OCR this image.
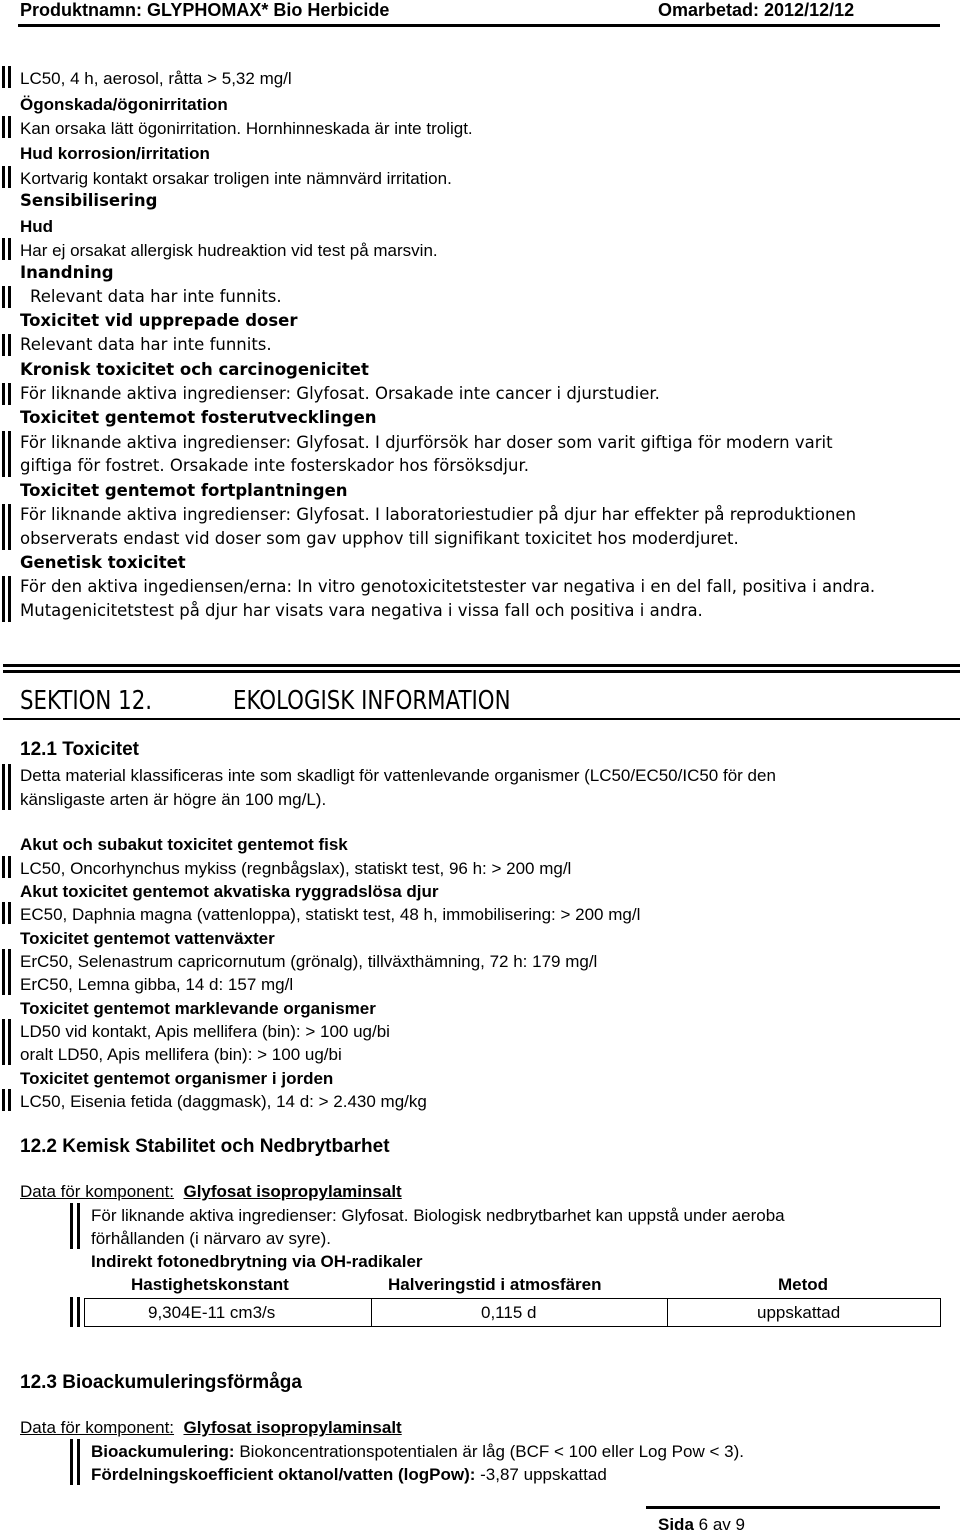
Produktnamn: GLYPHOMAX* Bio Herbicide	Omarbetad: 2012/12/12
LC50, 4 h, aerosol, råtta > 5,32 mg/l
Ögonskada/ögonirritation
Kan orsaka lätt ögonirritation. Hornhinneskada är inte troligt.
Hud korrosion/irritation
Kortvarig kontakt orsakar troligen inte nämnvärd irritation.
Sensibilisering
Hud
Har ej orsakat allergisk hudreaktion vid test på marsvin.
Inandning
Relevant data har inte funnits.
Toxicitet vid upprepade doser
Relevant data har inte funnits.
Kronisk toxicitet och carcinogenicitet
För liknande aktiva ingredienser: Glyfosat. Orsakade inte cancer i djurstudier.
Toxicitet gentemot fosterutvecklingen
För liknande aktiva ingredienser: Glyfosat. I djurförsök har doser som varit giftiga för modern varit
giftiga för fostret. Orsakade inte fosterskador hos försöksdjur.
Toxicitet gentemot fortplantningen
För liknande aktiva ingredienser: Glyfosat. I laboratoriestudier på djur har effekter på reproduktionen
observerats endast vid doser som gav upphov till signifikant toxicitet hos moderdjuret.
Genetisk toxicitet
För den aktiva ingediensen/erna: In vitro genotoxicitetstester var negativa i en del fall, positiva i andra.
Mutagenicitetstest på djur har visats vara negativa i vissa fall och positiva i andra.
SEKTION 12.	EKOLOGISK INFORMATION
12.1 Toxicitet
Detta material klassificeras inte som skadligt för vattenlevande organismer (LC50/EC50/IC50 för den
känsligaste arten är högre än 100 mg/L).
Akut och subakut toxicitet gentemot fisk
LC50, Oncorhynchus mykiss (regnbågslax), statiskt test, 96 h: > 200 mg/l
Akut toxicitet gentemot akvatiska ryggradslösa djur
EC50, Daphnia magna (vattenloppa), statiskt test, 48 h, immobilisering: > 200 mg/l
Toxicitet gentemot vattenväxter
ErC50, Selenastrum capricornutum (grönalg), tillväxthämning, 72 h: 179 mg/l
ErC50, Lemna gibba, 14 d: 157 mg/l
Toxicitet gentemot marklevande organismer
LD50 vid kontakt, Apis mellifera (bin): > 100 ug/bi
oralt LD50, Apis mellifera (bin): > 100 ug/bi
Toxicitet gentemot organismer i jorden
LC50, Eisenia fetida (daggmask), 14 d: > 2.430 mg/kg
12.2 Kemisk Stabilitet och Nedbrytbarhet
Data för komponent: Glyfosat isopropylaminsalt
För liknande aktiva ingredienser: Glyfosat. Biologisk nedbrytbarhet kan uppstå under aeroba
förhållanden (i närvaro av syre).
Indirekt fotonedbrytning via OH-radikaler
Hastighetskonstant	Halveringstid i atmosfären	Metod
9,304E-11 cm3/s	0,115 d	uppskattad
12.3 Bioackumuleringsförmåga
Data för komponent: Glyfosat isopropylaminsalt
Bioackumulering: Biokoncentrationspotentialen är låg (BCF < 100 eller Log Pow < 3).
Fördelningskoefficient oktanol/vatten (logPow): -3,87 uppskattad
Sida 6 av 9
